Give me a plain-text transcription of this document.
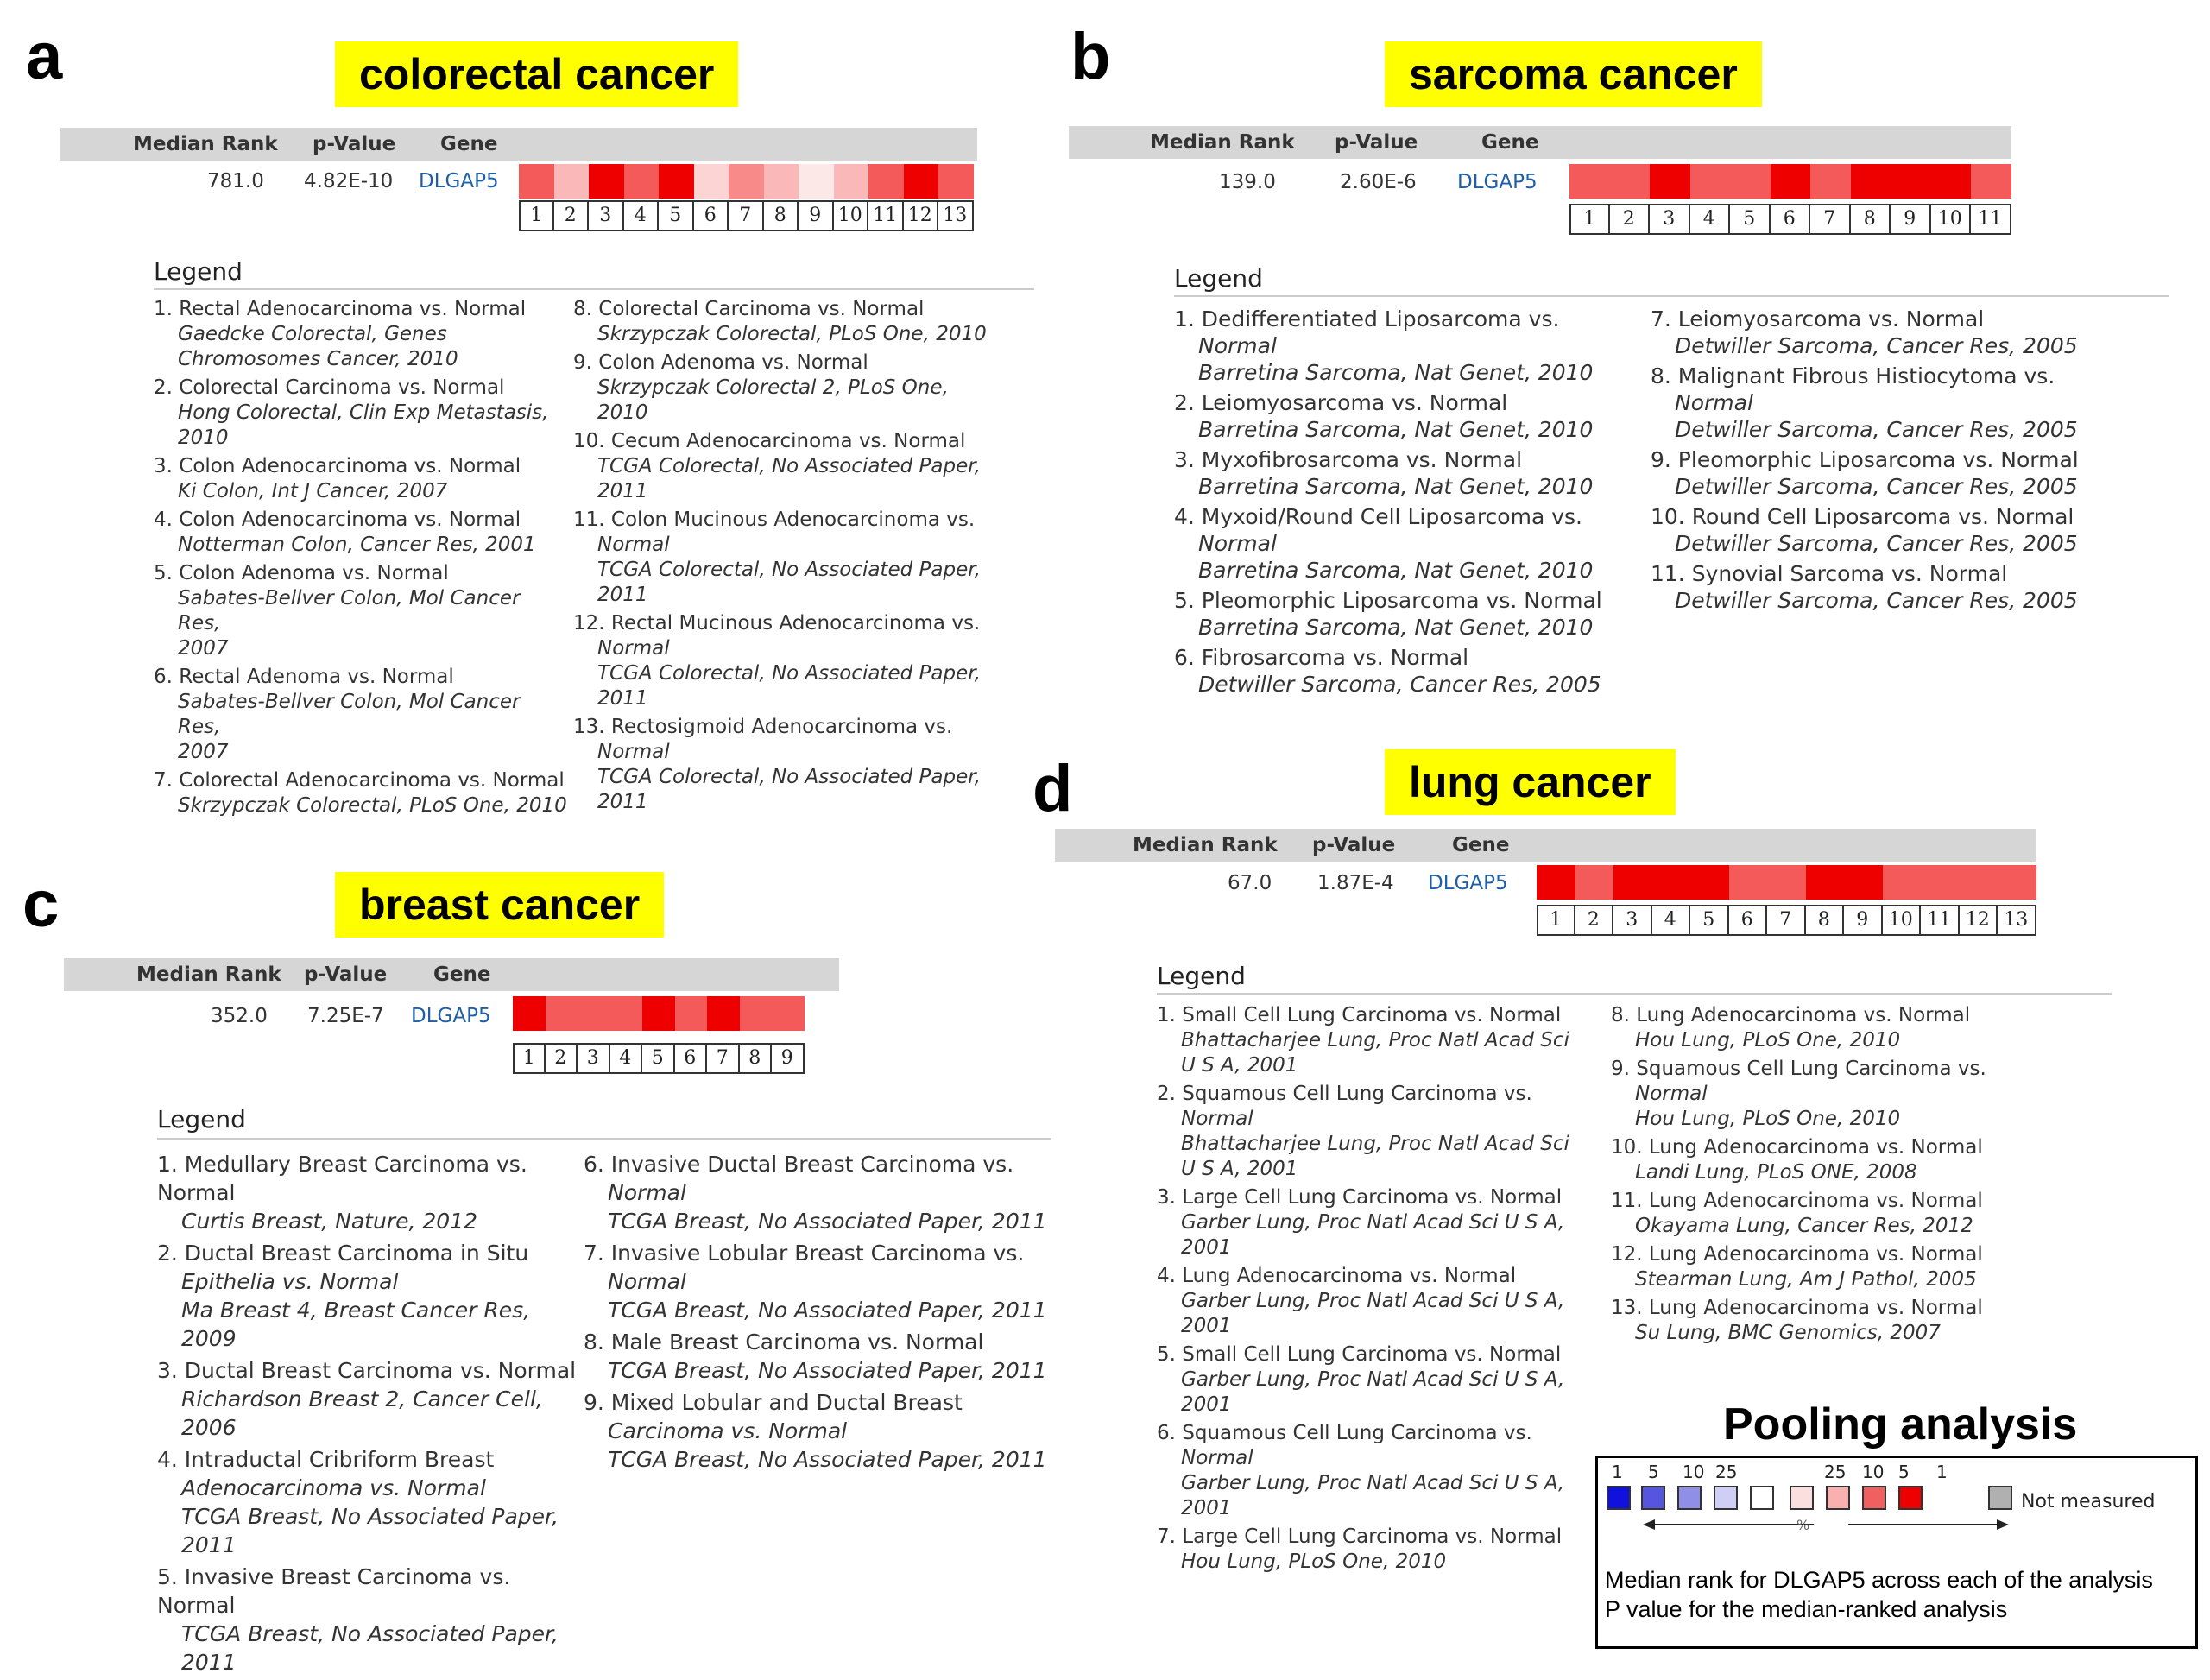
a	b
c
d
colorectal cancer
Median Rank p-Value Gene
781.0 4.82E-10 DLGAP5
1	2	3	4	5	6	7	8	9 10 11 12 13
Legend
1. Rectal Adenocarcinoma vs. Normal
Gaedcke Colorectal, Genes
Chromosomes Cancer, 2010
2. Colorectal Carcinoma vs. Normal
Hong Colorectal, Clin Exp Metastasis,
2010
3. Colon Adenocarcinoma vs. Normal
Ki Colon, Int J Cancer, 2007
4. Colon Adenocarcinoma vs. Normal
Notterman Colon, Cancer Res, 2001
5. Colon Adenoma vs. Normal
Sabates-Bellver Colon, Mol Cancer Res,
2007
6. Rectal Adenoma vs. Normal
Sabates-Bellver Colon, Mol Cancer Res,
2007
7. Colorectal Adenocarcinoma vs. Normal
Skrzypczak Colorectal, PLoS One, 2010
8. Colorectal Carcinoma vs. Normal
Skrzypczak Colorectal, PLoS One, 2010
9. Colon Adenoma vs. Normal
Skrzypczak Colorectal 2, PLoS One, 2010
10. Cecum Adenocarcinoma vs. Normal
TCGA Colorectal, No Associated Paper,
2011
11. Colon Mucinous Adenocarcinoma vs.
Normal
TCGA Colorectal, No Associated Paper,
2011
12. Rectal Mucinous Adenocarcinoma vs.
Normal
TCGA Colorectal, No Associated Paper,
2011
13. Rectosigmoid Adenocarcinoma vs.
Normal
TCGA Colorectal, No Associated Paper,
2011
sarcoma cancer
Median Rank p-Value	Gene
139.0	2.60E-6 DLGAP5
1	2	3	4	5	6	7	8	9	10 11
Legend
1. Dedifferentiated Liposarcoma vs.
Normal
Barretina Sarcoma, Nat Genet, 2010
2. Leiomyosarcoma vs. Normal
Barretina Sarcoma, Nat Genet, 2010
3. Myxofibrosarcoma vs. Normal
Barretina Sarcoma, Nat Genet, 2010
4. Myxoid/Round Cell Liposarcoma vs.
Normal
Barretina Sarcoma, Nat Genet, 2010
5. Pleomorphic Liposarcoma vs. Normal
Barretina Sarcoma, Nat Genet, 2010
6. Fibrosarcoma vs. Normal
Detwiller Sarcoma, Cancer Res, 2005
7. Leiomyosarcoma vs. Normal
Detwiller Sarcoma, Cancer Res, 2005
8. Malignant Fibrous Histiocytoma vs.
Normal
Detwiller Sarcoma, Cancer Res, 2005
9. Pleomorphic Liposarcoma vs. Normal
Detwiller Sarcoma, Cancer Res, 2005
10. Round Cell Liposarcoma vs. Normal
Detwiller Sarcoma, Cancer Res, 2005
11. Synovial Sarcoma vs. Normal
Detwiller Sarcoma, Cancer Res, 2005
breast cancer
Median Rank p-Value Gene
352.0 7.25E-7 DLGAP5
1	2	3	4	5	6	7	8	9
Legend
1. Medullary Breast Carcinoma vs. Normal
Curtis Breast, Nature, 2012
2. Ductal Breast Carcinoma in Situ
Epithelia vs. Normal
Ma Breast 4, Breast Cancer Res, 2009
3. Ductal Breast Carcinoma vs. Normal
Richardson Breast 2, Cancer Cell, 2006
4. Intraductal Cribriform Breast
Adenocarcinoma vs. Normal
TCGA Breast, No Associated Paper, 2011
5. Invasive Breast Carcinoma vs. Normal
TCGA Breast, No Associated Paper, 2011
6. Invasive Ductal Breast Carcinoma vs.
Normal
TCGA Breast, No Associated Paper, 2011
7. Invasive Lobular Breast Carcinoma vs.
Normal
TCGA Breast, No Associated Paper, 2011
8. Male Breast Carcinoma vs. Normal
TCGA Breast, No Associated Paper, 2011
9. Mixed Lobular and Ductal Breast
Carcinoma vs. Normal
TCGA Breast, No Associated Paper, 2011
lung cancer
Median Rank p-Value	Gene
67.0 1.87E-4 DLGAP5
1	2	3	4	5	6	7	8	9	10 11 12 13
Legend
1. Small Cell Lung Carcinoma vs. Normal
Bhattacharjee Lung, Proc Natl Acad Sci
U S A, 2001
2. Squamous Cell Lung Carcinoma vs.
Normal
Bhattacharjee Lung, Proc Natl Acad Sci
U S A, 2001
3. Large Cell Lung Carcinoma vs. Normal
Garber Lung, Proc Natl Acad Sci U S A,
2001
4. Lung Adenocarcinoma vs. Normal
Garber Lung, Proc Natl Acad Sci U S A,
2001
5. Small Cell Lung Carcinoma vs. Normal
Garber Lung, Proc Natl Acad Sci U S A,
2001
6. Squamous Cell Lung Carcinoma vs.
Normal
Garber Lung, Proc Natl Acad Sci U S A,
2001
7. Large Cell Lung Carcinoma vs. Normal
Hou Lung, PLoS One, 2010
8. Lung Adenocarcinoma vs. Normal
Hou Lung, PLoS One, 2010
9. Squamous Cell Lung Carcinoma vs.
Normal
Hou Lung, PLoS One, 2010
10. Lung Adenocarcinoma vs. Normal
Landi Lung, PLoS ONE, 2008
11. Lung Adenocarcinoma vs. Normal
Okayama Lung, Cancer Res, 2012
12. Lung Adenocarcinoma vs. Normal
Stearman Lung, Am J Pathol, 2005
13. Lung Adenocarcinoma vs. Normal
Su Lung, BMC Genomics, 2007
Pooling analysis
1 5 10 25	25 10 5 1
%
Not measured
Median rank for DLGAP5 across each of the analysis
P value for the median-ranked analysis
